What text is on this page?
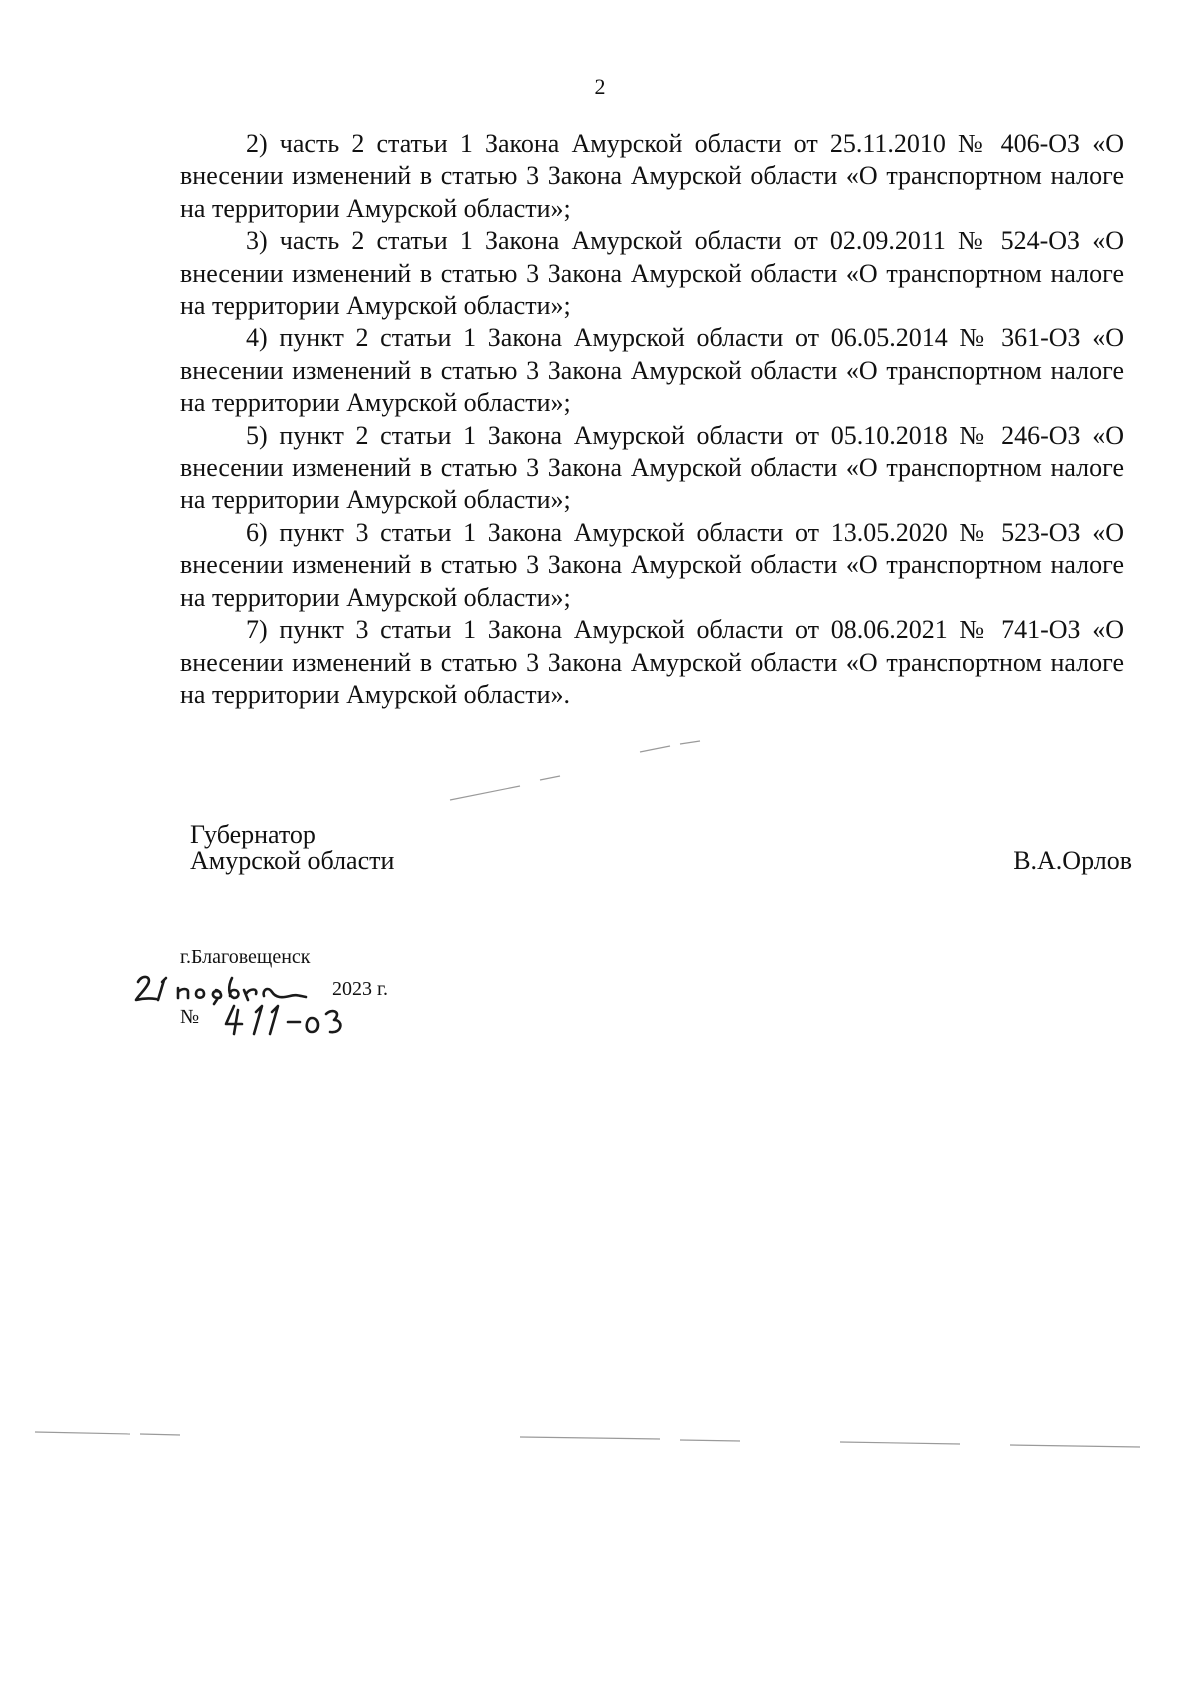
2

2) часть 2 статьи 1 Закона Амурской области от 25.11.2010 № 406-ОЗ «О внесении изменений в статью 3 Закона Амурской области «О транспортном налоге на территории Амурской области»;

3) часть 2 статьи 1 Закона Амурской области от 02.09.2011 № 524-ОЗ «О внесении изменений в статью 3 Закона Амурской области «О транспортном налоге на территории Амурской области»;

4) пункт 2 статьи 1 Закона Амурской области от 06.05.2014 № 361-ОЗ «О внесении изменений в статью 3 Закона Амурской области «О транспортном налоге на территории Амурской области»;

5) пункт 2 статьи 1 Закона Амурской области от 05.10.2018 № 246-ОЗ «О внесении изменений в статью 3 Закона Амурской области «О транспортном налоге на территории Амурской области»;

6) пункт 3 статьи 1 Закона Амурской области от 13.05.2020 № 523-ОЗ «О внесении изменений в статью 3 Закона Амурской области «О транспортном налоге на территории Амурской области»;

7) пункт 3 статьи 1 Закона Амурской области от 08.06.2021 № 741-ОЗ «О внесении изменений в статью 3 Закона Амурской области «О транспортном налоге на территории Амурской области».

Губернатор
Амурской области	В.А.Орлов
г.Благовещенск
2023 г.
№
